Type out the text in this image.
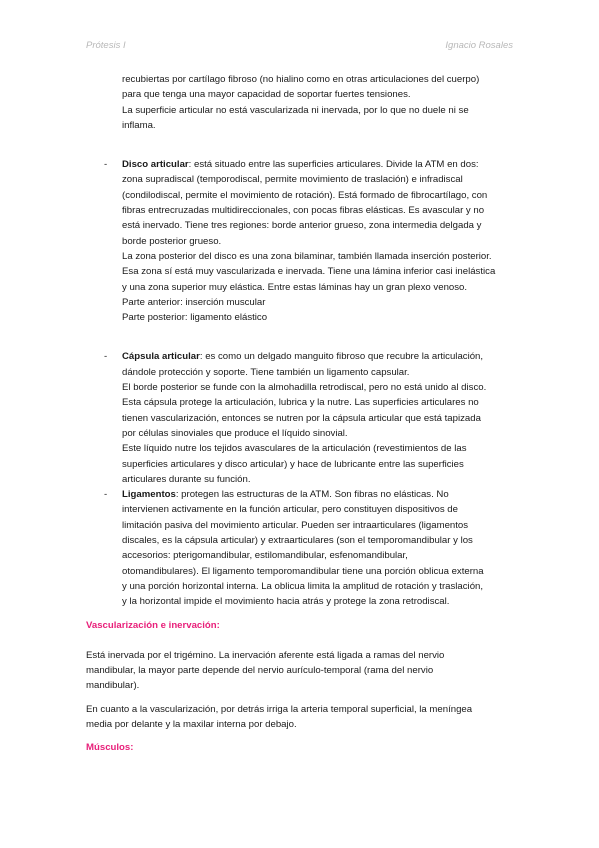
Prótesis I	Ignacio Rosales

recubiertas por cartílago fibroso (no hialino como en otras articulaciones del cuerpo)

para que tenga una mayor capacidad de soportar fuertes tensiones.

La superficie articular no está vascularizada ni inervada, por lo que no duele ni se

inflama.

- Disco articular: está situado entre las superficies articulares. Divide la ATM en dos:

zona supradiscal (temporodiscal, permite movimiento de traslación) e infradiscal

(condilodiscal, permite el movimiento de rotación). Está formado de fibrocartílago, con

fibras entrecruzadas multidireccionales, con pocas fibras elásticas. Es avascular y no

está inervado. Tiene tres regiones: borde anterior grueso, zona intermedia delgada y

borde posterior grueso.

La zona posterior del disco es una zona bilaminar, también llamada inserción posterior.

Esa zona sí está muy vascularizada e inervada. Tiene una lámina inferior casi inelástica

y una zona superior muy elástica. Entre estas láminas hay un gran plexo venoso.

Parte anterior: inserción muscular

Parte posterior: ligamento elástico

- Cápsula articular: es como un delgado manguito fibroso que recubre la articulación,

dándole protección y soporte. Tiene también un ligamento capsular.

El borde posterior se funde con la almohadilla retrodiscal, pero no está unido al disco.

Esta cápsula protege la articulación, lubrica y la nutre. Las superficies articulares no

tienen vascularización, entonces se nutren por la cápsula articular que está tapizada

por células sinoviales que produce el líquido sinovial.

Este líquido nutre los tejidos avasculares de la articulación (revestimientos de las

superficies articulares y disco articular) y hace de lubricante entre las superficies

articulares durante su función.

- Ligamentos: protegen las estructuras de la ATM. Son fibras no elásticas. No

intervienen activamente en la función articular, pero constituyen dispositivos de

limitación pasiva del movimiento articular. Pueden ser intraarticulares (ligamentos

discales, es la cápsula articular) y extraarticulares (son el temporomandibular y los

accesorios: pterigomandibular, estilomandibular, esfenomandibular,

otomandibulares). El ligamento temporomandibular tiene una porción oblicua externa

y una porción horizontal interna. La oblicua limita la amplitud de rotación y traslación,

y la horizontal impide el movimiento hacia atrás y protege la zona retrodiscal.

Vascularización e inervación:

Está inervada por el trigémino. La inervación aferente está ligada a ramas del nervio

mandibular, la mayor parte depende del nervio aurículo-temporal (rama del nervio

mandibular).

En cuanto a la vascularización, por detrás irriga la arteria temporal superficial, la meníngea

media por delante y la maxilar interna por debajo.

Músculos:
